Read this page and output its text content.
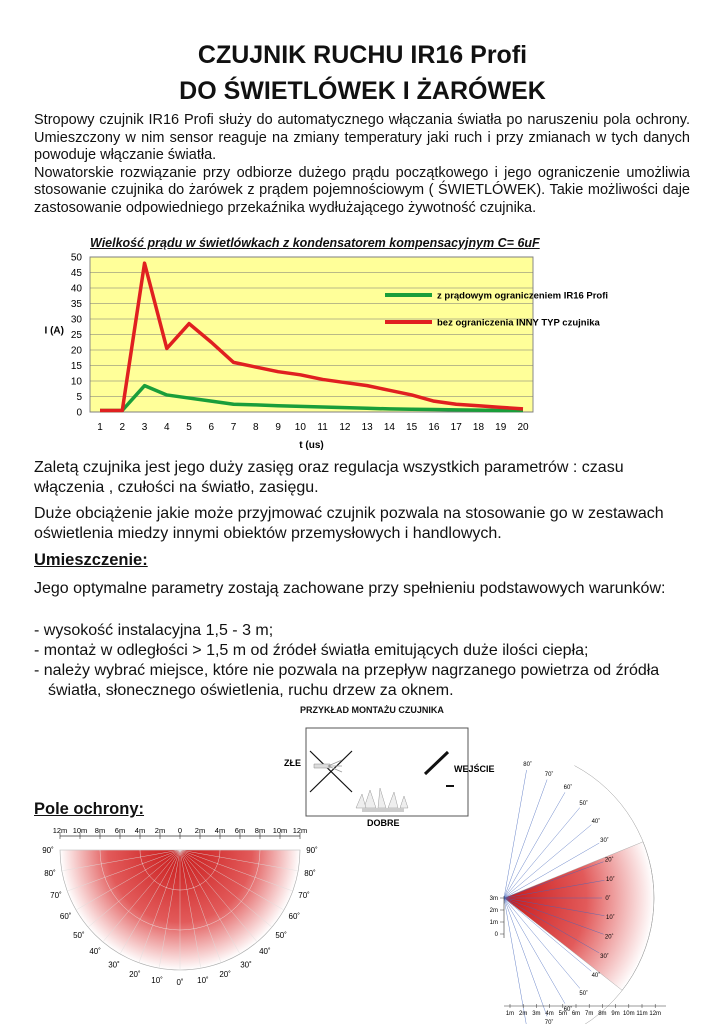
CZUJNIK RUCHU IR16 Profi
DO ŚWIETLÓWEK I ŻARÓWEK
Stropowy czujnik IR16 Profi służy do automatycznego włączania światła po naruszeniu pola ochrony. Umieszczony w nim sensor reaguje na zmiany temperatury jaki ruch i przy zmianach w tych danych powoduje włączanie światła.
Nowatorskie rozwiązanie przy odbiorze dużego prądu początkowego i jego ograniczenie umożliwia stosowanie czujnika do żarówek z prądem pojemnościowym ( ŚWIETLÓWEK). Takie możliwości daje zastosowanie odpowiedniego przekaźnika wydłużającego żywotność czujnika.
Wielkość prądu w świetlówkach z kondensatorem kompensacyjnym C= 6uF
0
5
10
15
20
25
30
35
40
45
50
1 2 3 4 5 6 7 8 9 10 11 12 13 14 15 16 17 18 19 20
I (A)
t (us)
z prądowym ograniczeniem IR16 Profi
bez ograniczenia INNY TYP czujnika
Zaletą czujnika jest jego duży zasięg oraz regulacja wszystkich parametrów : czasu włączenia , czułości na światło, zasięgu.
Duże obciążenie jakie może przyjmować czujnik pozwala na stosowanie go w zestawach oświetlenia miedzy innymi obiektów przemysłowych i handlowych.
Umieszczenie:
Jego optymalne parametry zostają zachowane przy spełnieniu podstawowych warunków:
- wysokość instalacyjna 1,5 - 3 m;
- montaż w odległości > 1,5 m od źródeł światła emitujących duże ilości ciepła;
- należy wybrać miejsce, które nie pozwala na przepływ nagrzanego powietrza od źródła światła, słonecznego oświetlenia, ruchu drzew za oknem.
PRZYKŁAD MONTAŻU CZUJNIKA
ZŁE
DOBRE
WEJŚCIE
Pole ochrony:
12m 10m 8m 6m 4m 2m 0 2m 4m 6m 8m 10m 12m
90˚
80˚
70˚
60˚
50˚
40˚
30˚
20˚
10˚ 0˚ 10˚
20˚
30˚
40˚
50˚
60˚
70˚
80˚
90˚
80˚
70˚
60˚
50˚
40˚
30˚
20˚
10˚
0˚
10˚
20˚
30˚
40˚
50˚
60˚
70˚
3m
2m
1m
0
1m 2m 3m 4m 5m 6m 7m 8m 9m 10m 11m 12m
